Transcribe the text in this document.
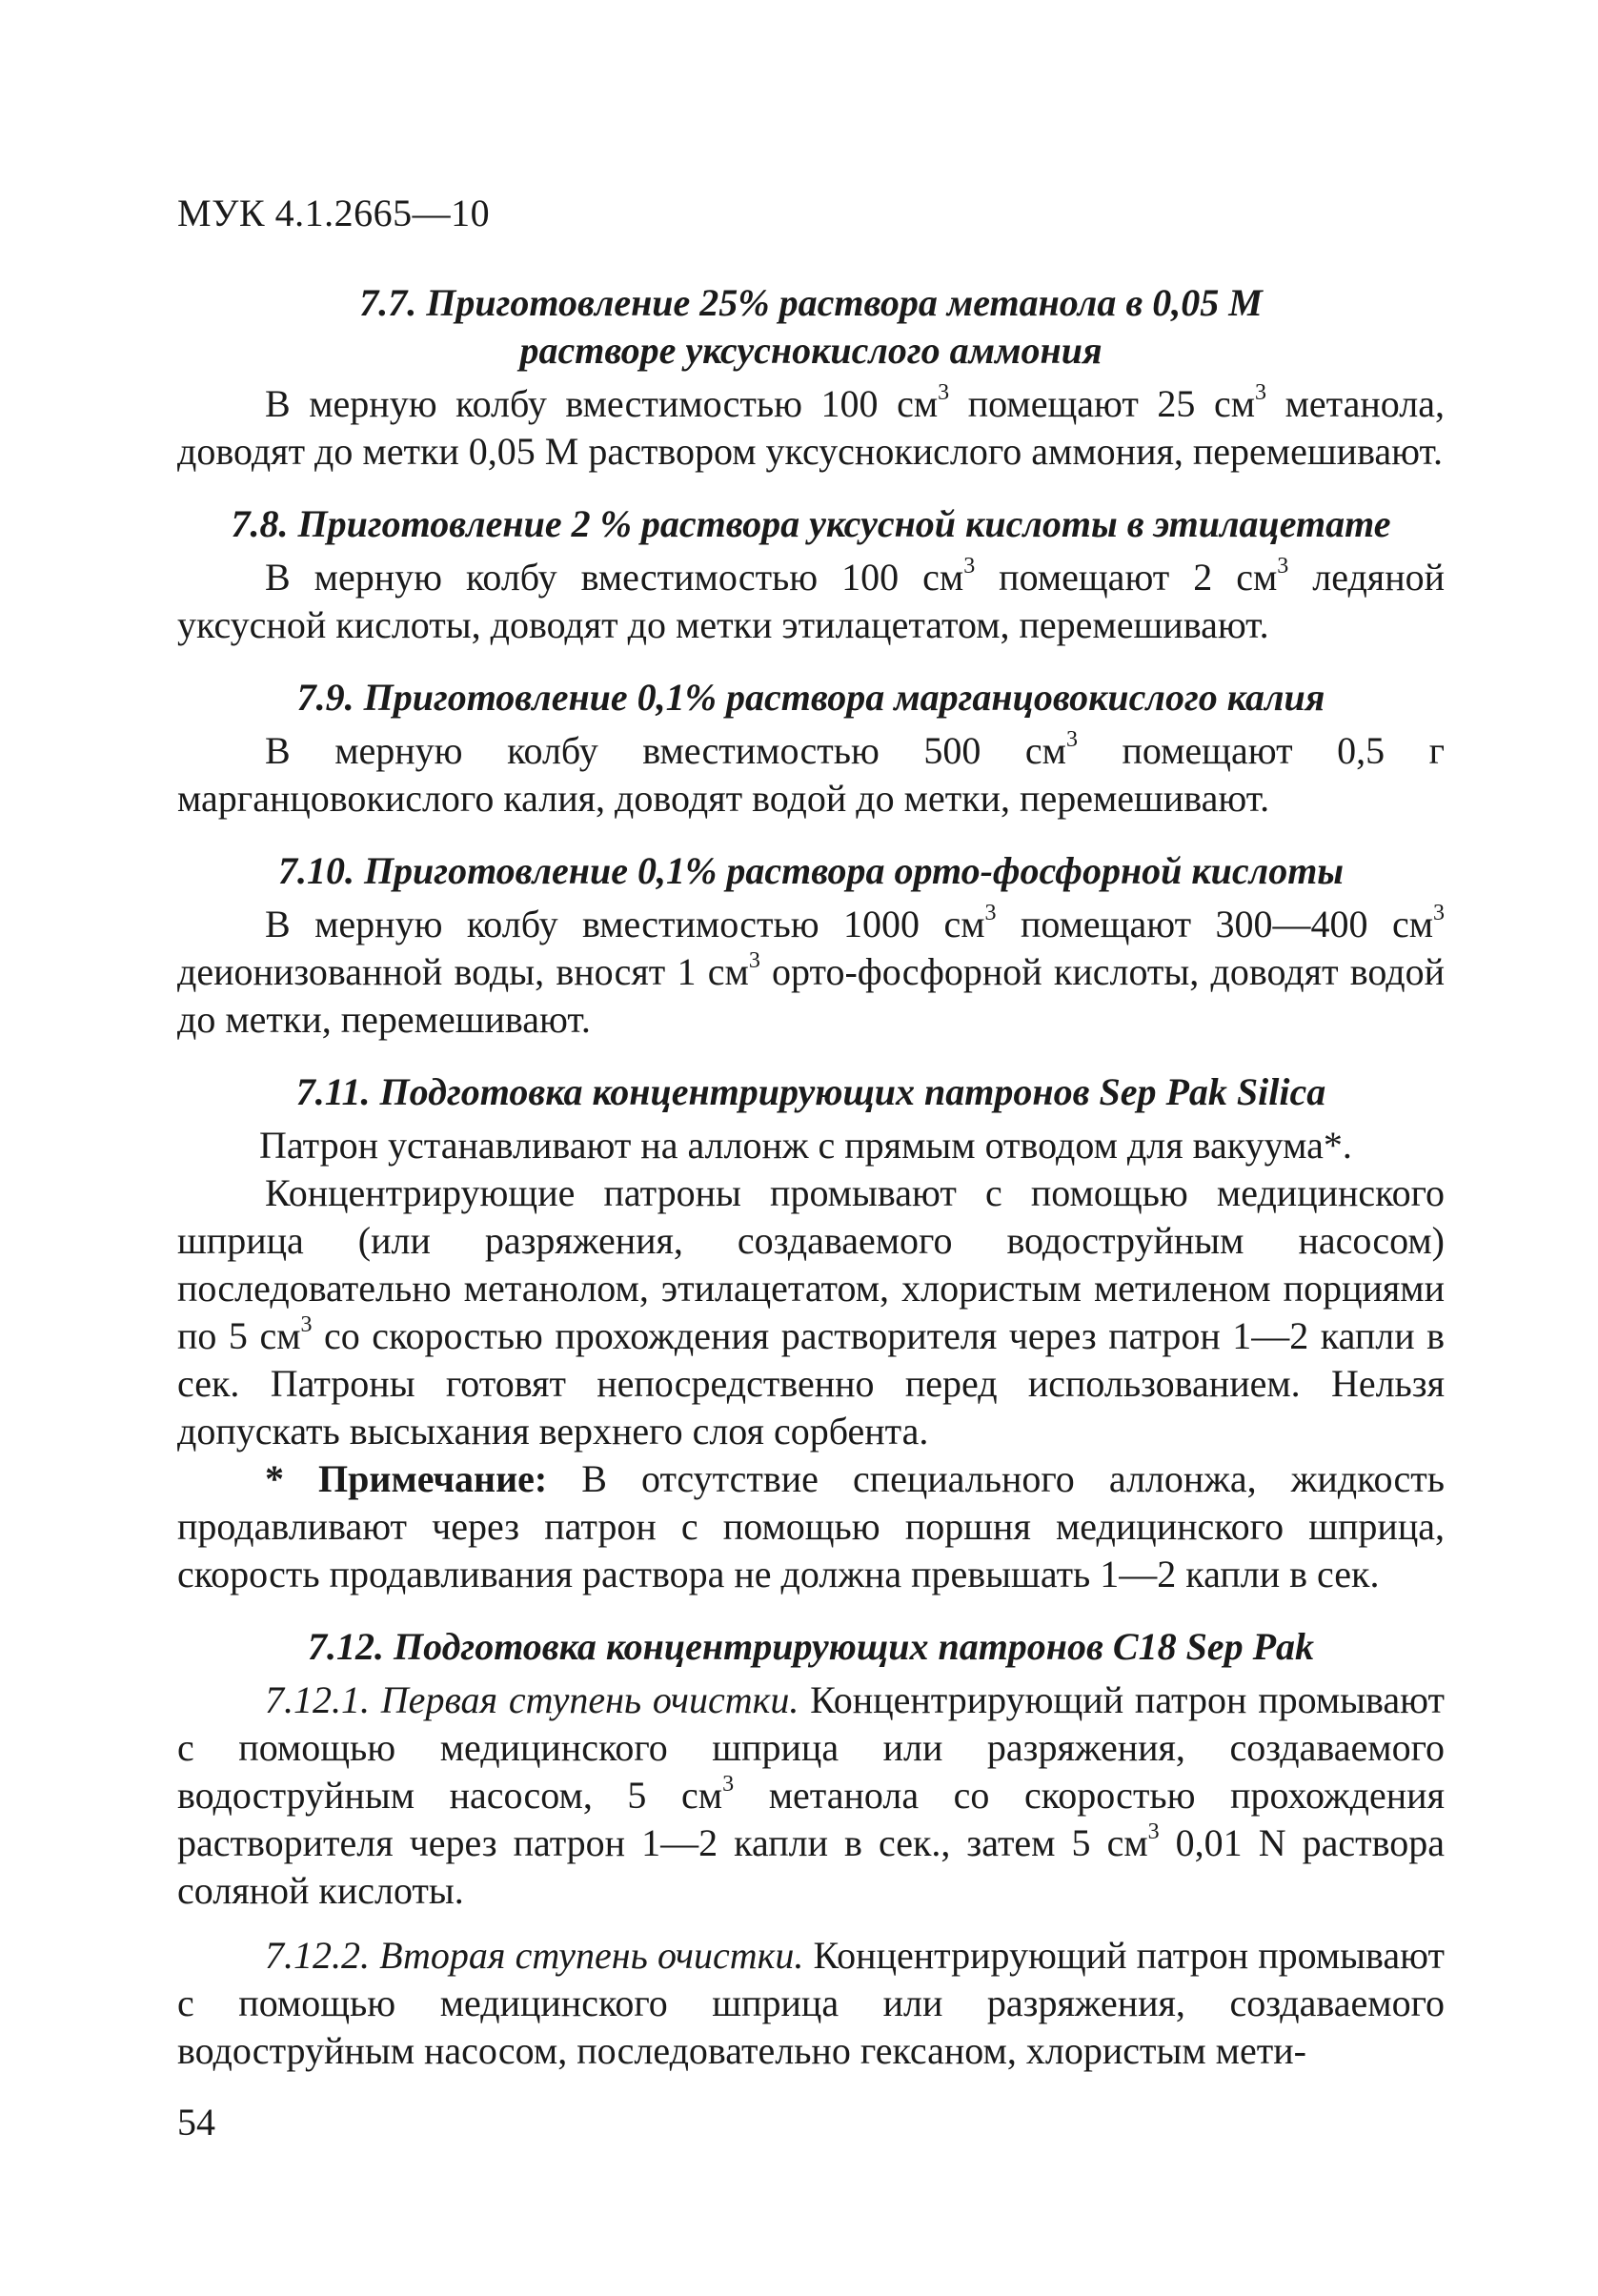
МУК 4.1.2665—10
7.7. Приготовление 25% раствора метанола в 0,05 М
растворе уксуснокислого аммония

В мерную колбу вместимостью 100 $см^3$ помещают 25 $см^3$ метанола, доводят до метки 0,05 М раствором уксуснокислого аммония, перемешивают.

7.8. Приготовление 2 % раствора уксусной кислоты в этилацетате

В мерную колбу вместимостью 100 $см^3$ помещают 2 $см^3$ ледяной уксусной кислоты, доводят до метки этилацетатом, перемешивают.

7.9. Приготовление 0,1% раствора марганцовокислого калия

В мерную колбу вместимостью 500 $см^3$ помещают 0,5 г марганцовокислого калия, доводят водой до метки, перемешивают.

7.10. Приготовление 0,1% раствора орто-фосфорной кислоты

В мерную колбу вместимостью 1000 $см^3$ помещают 300—400 $см^3$ деионизованной воды, вносят 1 $см^3$ орто-фосфорной кислоты, доводят водой до метки, перемешивают.

7.11. Подготовка концентрирующих патронов Sep Pak Silica

Патрон устанавливают на аллонж с прямым отводом для вакуума*.

Концентрирующие патроны промывают с помощью медицинского шприца (или разряжения, создаваемого водоструйным насосом) последовательно метанолом, этилацетатом, хлористым метиленом порциями по 5 $см^3$ со скоростью прохождения растворителя через патрон 1—2 капли в сек. Патроны готовят непосредственно перед использованием. Нельзя допускать высыхания верхнего слоя сорбента.

* Примечание: В отсутствие специального аллонжа, жидкость продавливают через патрон с помощью поршня медицинского шприца, скорость продавливания раствора не должна превышать 1—2 капли в сек.

7.12. Подготовка концентрирующих патронов С18 Sep Pak

7.12.1. Первая ступень очистки. Концентрирующий патрон промывают с помощью медицинского шприца или разряжения, создаваемого водоструйным насосом, 5 $см^3$ метанола со скоростью прохождения растворителя через патрон 1—2 капли в сек., затем 5 $см^3$ 0,01 N раствора соляной кислоты.

7.12.2. Вторая ступень очистки. Концентрирующий патрон промывают с помощью медицинского шприца или разряжения, создаваемого водоструйным насосом, последовательно гексаном, хлористым мети-

54
